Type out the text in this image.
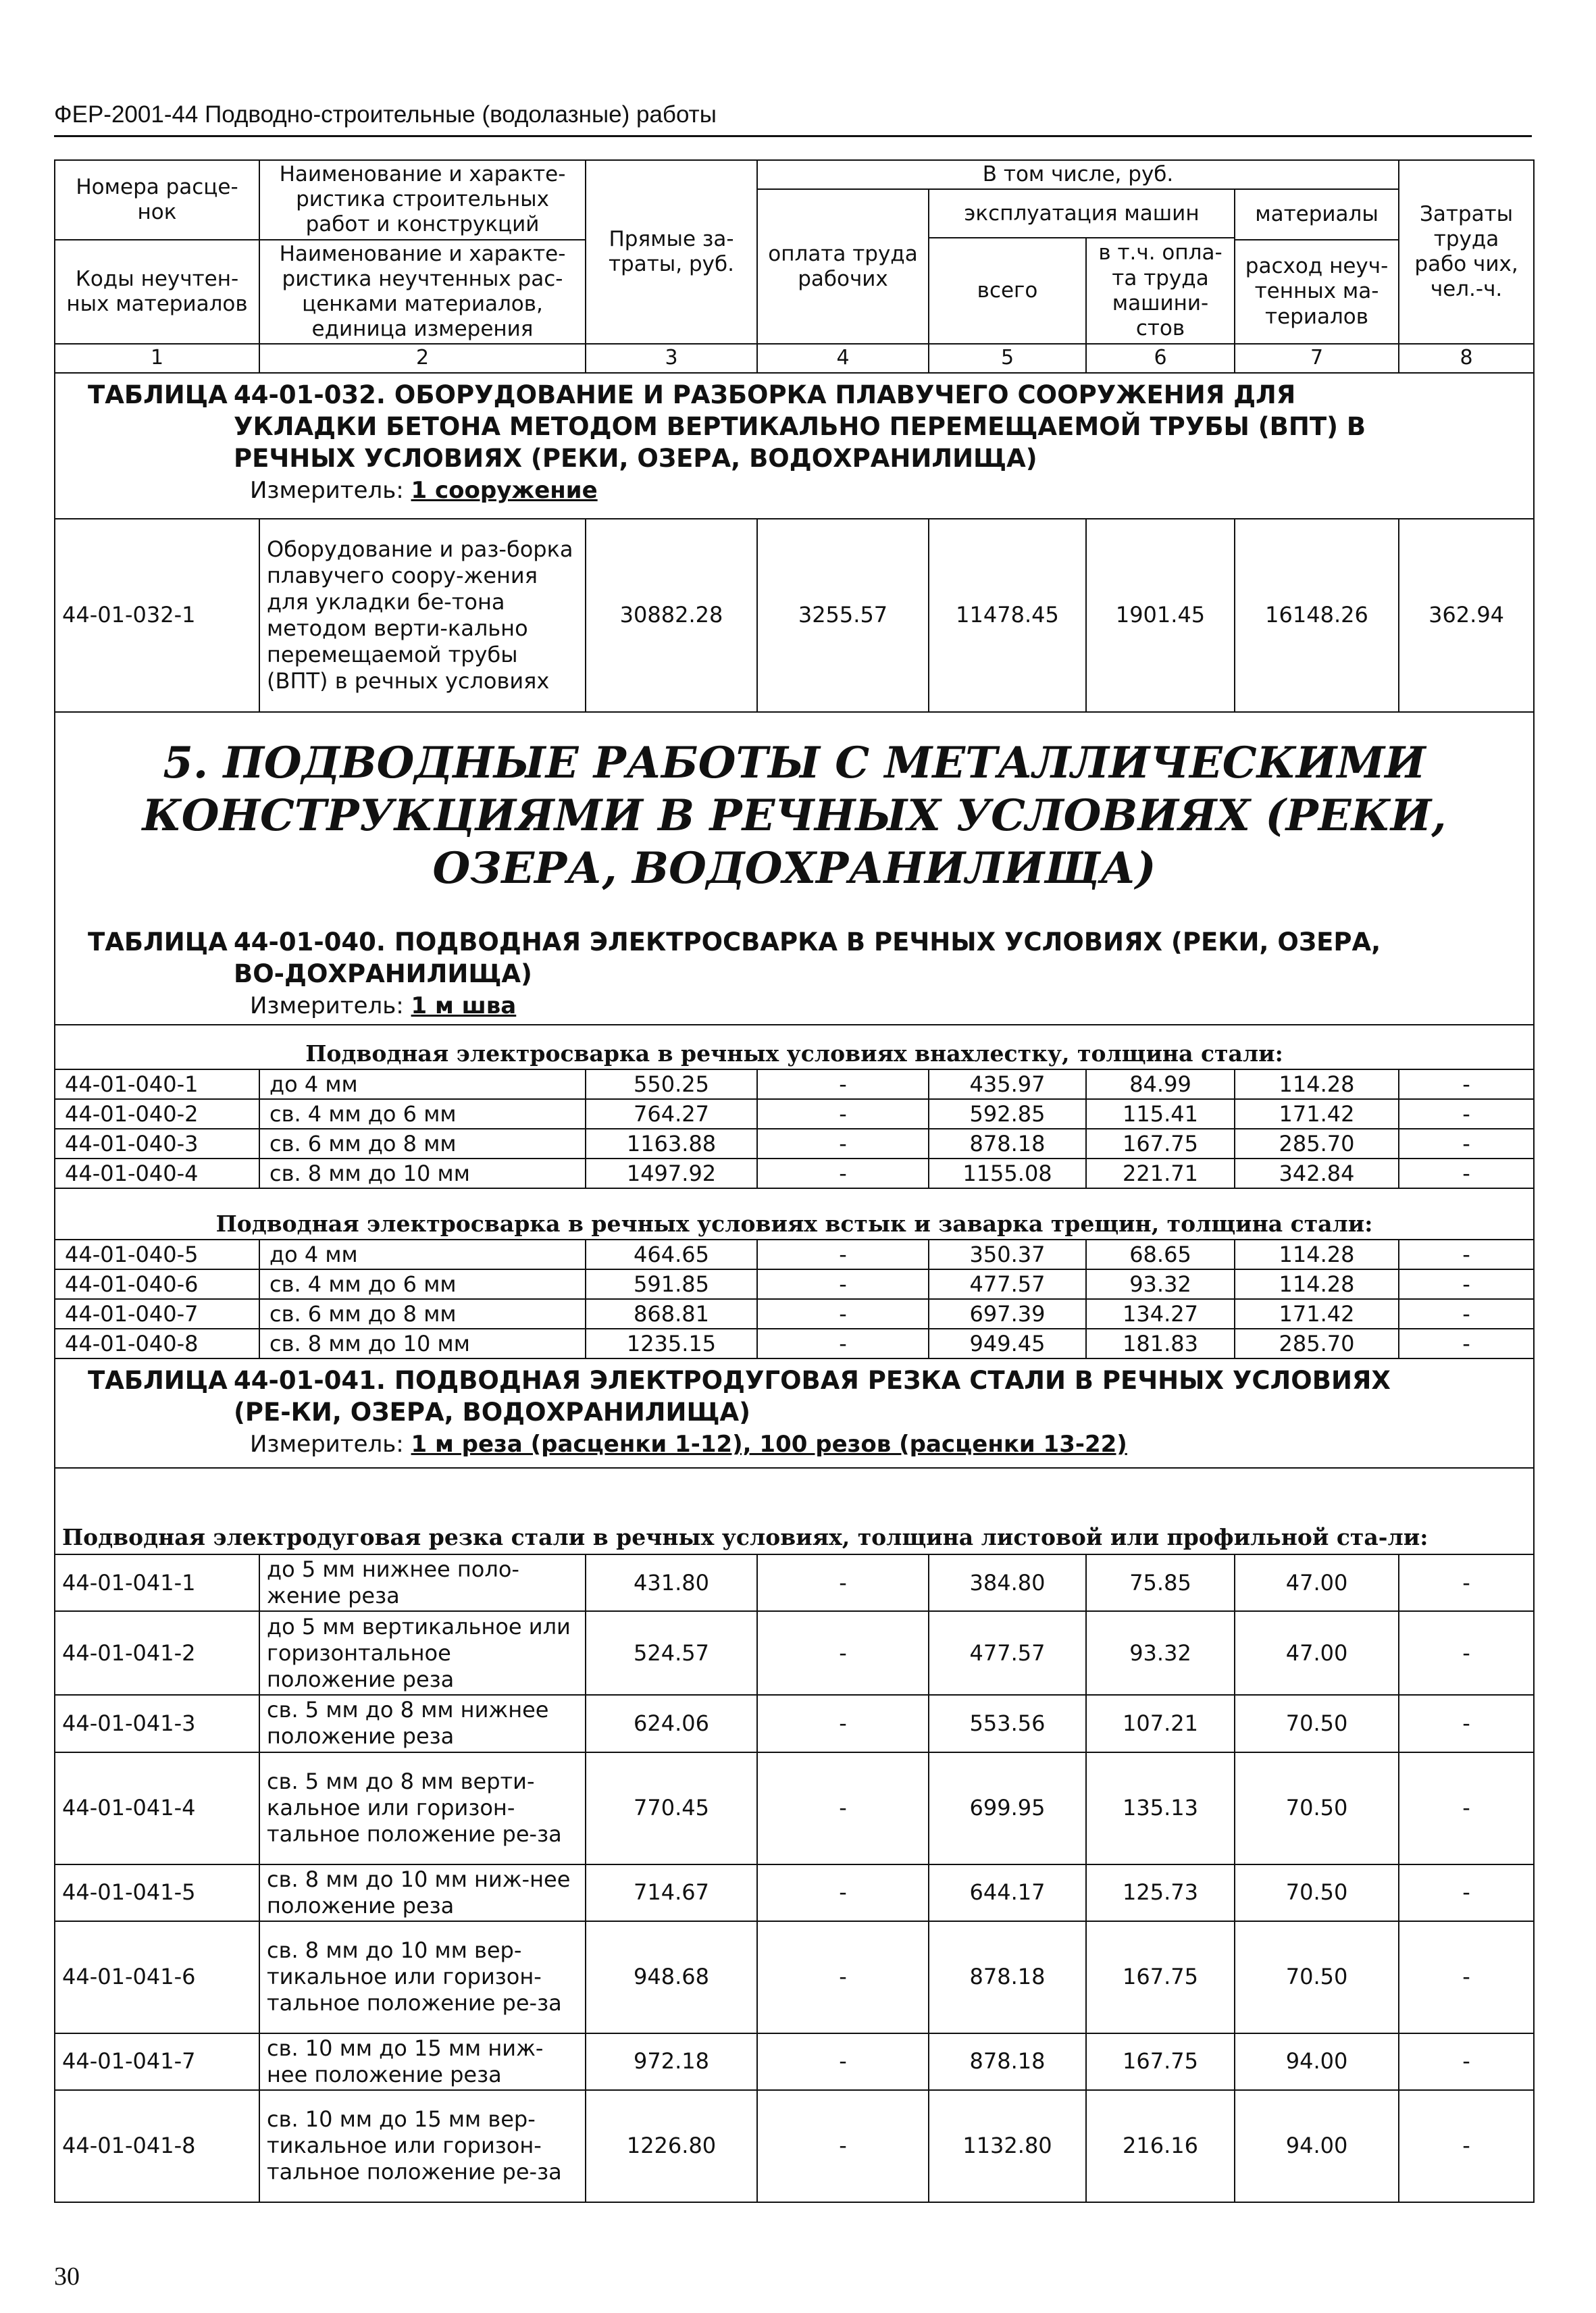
ФЕР-2001-44 Подводно-строительные (водолазные) работы
Номера расце-нок	Наименование и характе-ристика строительных работ и конструкций	Прямые за-траты, руб.	В том числе, руб.				Затраты труда рабо чих, чел.-ч.
			оплата труда рабочих	эксплуатация машин		материалы	
				всего	в т.ч. опла-та труда машини-стов		
Коды неучтен-ных материалов	Наименование и характе-ристика неучтенных рас-ценками материалов, единица измерения					расход неуч-тенных ма-териалов	

1	2	3	4	5	6	7	8

ТАБЛИЦА 44-01-032. ОБОРУДОВАНИЕ И РАЗБОРКА ПЛАВУЧЕГО СООРУЖЕНИЯ ДЛЯ УКЛАДКИ БЕТОНА МЕТОДОМ ВЕРТИКАЛЬНО ПЕРЕМЕЩАЕМОЙ ТРУБЫ (ВПТ) В РЕЧНЫХ УСЛОВИЯХ (РЕКИ, ОЗЕРА, ВОДОХРАНИЛИЩА)
Измеритель: 1 сооружение							

44-01-032-1	Оборудование и раз-борка плавучего соору-жения для укладки бе-тона методом верти-кально перемещаемой трубы (ВПТ) в речных условиях	30882.28	3255.57	11478.45	1901.45	16148.26	362.94

5. ПОДВОДНЫЕ РАБОТЫ С МЕТАЛЛИЧЕСКИМИ КОНСТРУКЦИЯМИ В РЕЧНЫХ УСЛОВИЯХ (РЕКИ, ОЗЕРА, ВОДОХРАНИЛИЩА)
ТАБЛИЦА 44-01-040. ПОДВОДНАЯ ЭЛЕКТРОСВАРКА В РЕЧНЫХ УСЛОВИЯХ (РЕКИ, ОЗЕРА, ВО-ДОХРАНИЛИЩА)
Измеритель: 1 м шва							

Подводная электросварка в речных условиях внахлестку, толщина стали:							
44-01-040-1	до 4 мм	550.25	-	435.97	84.99	114.28	-
44-01-040-2	св. 4 мм до 6 мм	764.27	-	592.85	115.41	171.42	-
44-01-040-3	св. 6 мм до 8 мм	1163.88	-	878.18	167.75	285.70	-
44-01-040-4	св. 8 мм до 10 мм	1497.92	-	1155.08	221.71	342.84	-
Подводная электросварка в речных условиях встык и заварка трещин, толщина стали:							
44-01-040-5	до 4 мм	464.65	-	350.37	68.65	114.28	-
44-01-040-6	св. 4 мм до 6 мм	591.85	-	477.57	93.32	114.28	-
44-01-040-7	св. 6 мм до 8 мм	868.81	-	697.39	134.27	171.42	-
44-01-040-8	св. 8 мм до 10 мм	1235.15	-	949.45	181.83	285.70	-

ТАБЛИЦА 44-01-041. ПОДВОДНАЯ ЭЛЕКТРОДУГОВАЯ РЕЗКА СТАЛИ В РЕЧНЫХ УСЛОВИЯХ (РЕ-КИ, ОЗЕРА, ВОДОХРАНИЛИЩА)
Измеритель: 1 м реза (расценки 1-12), 100 резов (расценки 13-22)							

Подводная электродуговая резка стали в речных условиях, толщина листовой или профильной ста-ли:							
44-01-041-1	до 5 мм нижнее поло-жение реза	431.80	-	384.80	75.85	47.00	-
44-01-041-2	до 5 мм вертикальное или горизонтальное положение реза	524.57	-	477.57	93.32	47.00	-
44-01-041-3	св. 5 мм до 8 мм нижнее положение реза	624.06	-	553.56	107.21	70.50	-
44-01-041-4	св. 5 мм до 8 мм верти-кальное или горизон-тальное положение ре-за	770.45	-	699.95	135.13	70.50	-
44-01-041-5	св. 8 мм до 10 мм ниж-нее положение реза	714.67	-	644.17	125.73	70.50	-
44-01-041-6	св. 8 мм до 10 мм вер-тикальное или горизон-тальное положение ре-за	948.68	-	878.18	167.75	70.50	-
44-01-041-7	св. 10 мм до 15 мм ниж-нее положение реза	972.18	-	878.18	167.75	94.00	-
44-01-041-8	св. 10 мм до 15 мм вер-тикальное или горизон-тальное положение ре-за	1226.80	-	1132.80	216.16	94.00	-
30
